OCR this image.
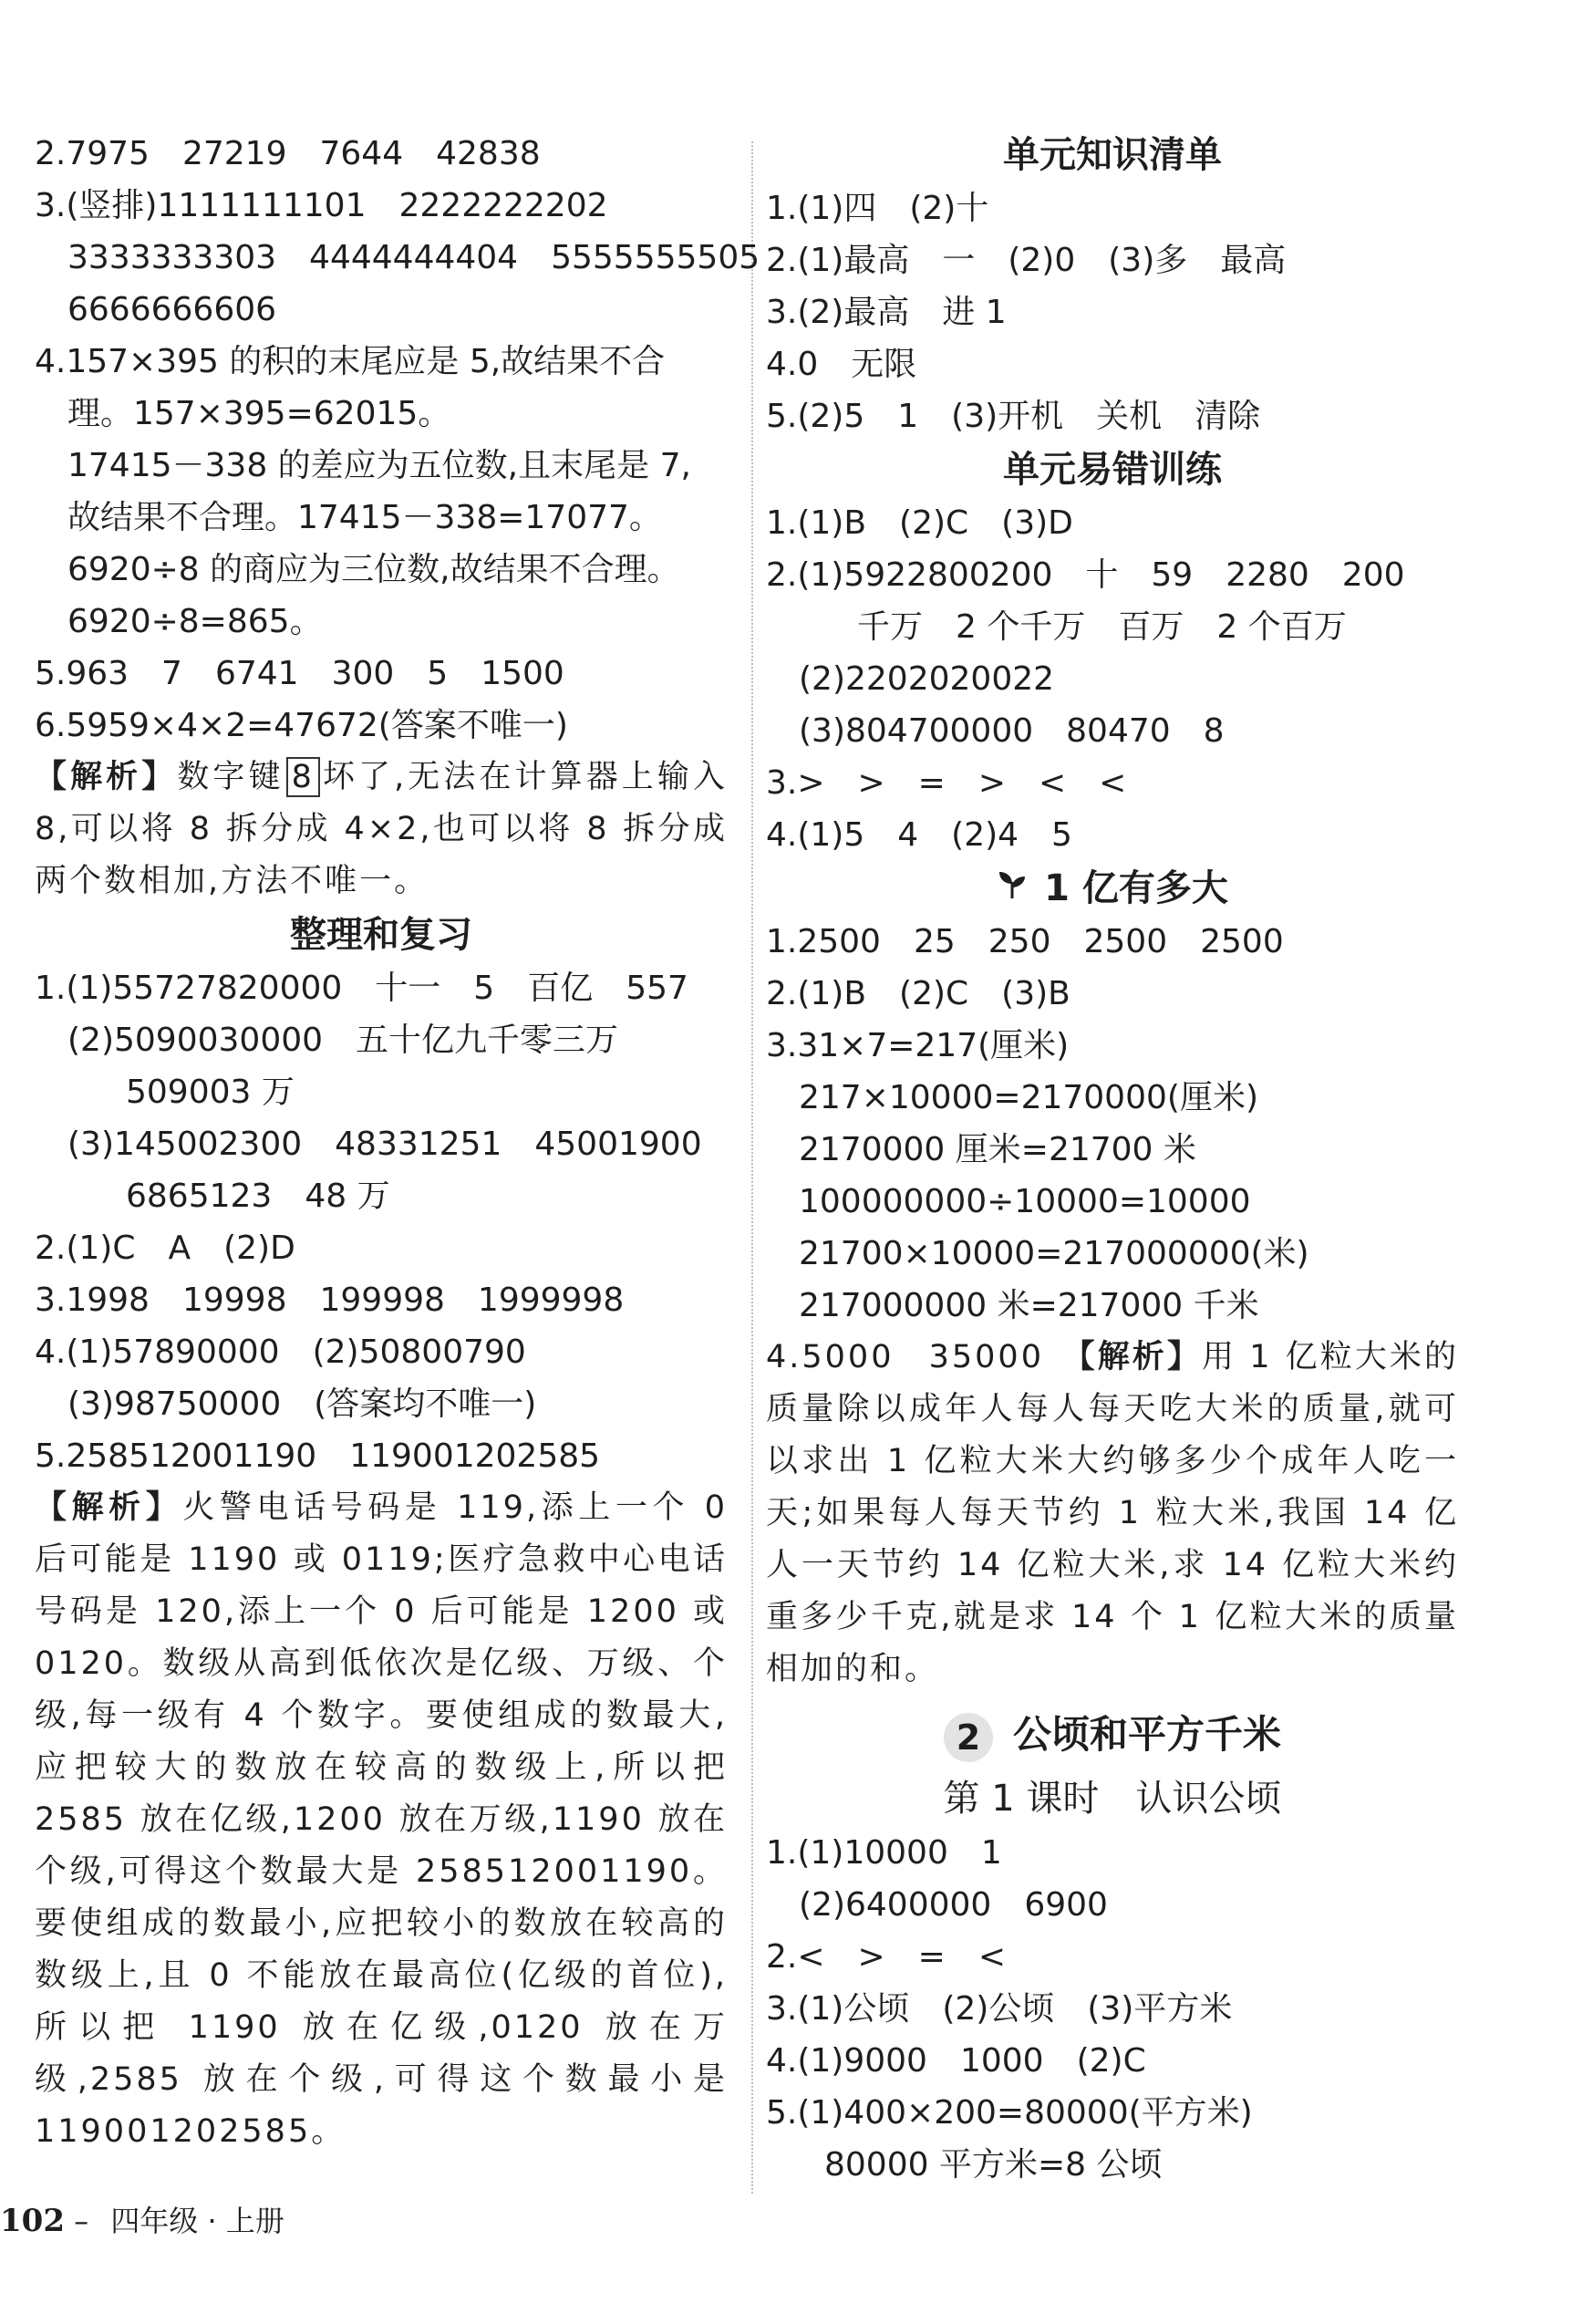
2.7975　27219　7644　42838
3.(竖排)1111111101　2222222202
3333333303　4444444404　5555555505
6666666606
4.157×395 的积的末尾应是 5,故结果不合
理。157×395=62015。
17415－338 的差应为五位数,且末尾是 7,
故结果不合理。17415－338=17077。
6920÷8 的商应为三位数,故结果不合理。
6920÷8=865。
5.963　7　6741　300　5　1500
6.5959×4×2=47672(答案不唯一)
【解析】数字键 8 坏了,无法在计算器上输入 8,可以将 8 拆分成 4×2,也可以将 8 拆分成两个数相加,方法不唯一。
整理和复习
1.(1)55727820000　十一　5　百亿　557
(2)5090030000　五十亿九千零三万
509003 万
(3)145002300　48331251　45001900
6865123　48 万
2.(1)C　A　(2)D
3.1998　19998　199998　1999998
4.(1)57890000　(2)50800790
(3)98750000　(答案均不唯一)
5.258512001190　119001202585
【解析】火警电话号码是 119,添上一个 0 后可能是 1190 或 0119;医疗急救中心电话号码是 120,添上一个 0 后可能是 1200 或 0120。数级从高到低依次是亿级、万级、个级,每一级有 4 个数字。要使组成的数最大,应把较大的数放在较高的数级上,所以把 2585 放在亿级,1200 放在万级,1190 放在个级,可得这个数最大是 258512001190。要使组成的数最小,应把较小的数放在较高的数级上,且 0 不能放在最高位(亿级的首位),所以把 1190 放在亿级,0120 放在万级,2585 放在个级,可得这个数最小是 119001202585。
单元知识清单
1.(1)四　(2)十
2.(1)最高　一　(2)0　(3)多　最高
3.(2)最高　进 1
4.0　无限
5.(2)5　1　(3)开机　关机　清除
单元易错训练
1.(1)B　(2)C　(3)D
2.(1)5922800200　十　59　2280　200
千万　2 个千万　百万　2 个百万
(2)2202020022
(3)804700000　80470　8
3.>　>　=　>　<　<
4.(1)5　4　(2)4　5
1 亿有多大
1.2500　25　250　2500　2500
2.(1)B　(2)C　(3)B
3.31×7=217(厘米)
217×10000=2170000(厘米)
2170000 厘米=21700 米
100000000÷10000=10000
21700×10000=217000000(米)
217000000 米=217000 千米
4.5000　35000　【解析】用 1 亿粒大米的质量除以成年人每人每天吃大米的质量,就可以求出 1 亿粒大米大约够多少个成年人吃一天;如果每人每天节约 1 粒大米,我国 14 亿人一天节约 14 亿粒大米,求 14 亿粒大米约重多少千克,就是求 14 个 1 亿粒大米的质量相加的和。
2 公顷和平方千米
第 1 课时　认识公顷
1.(1)10000　1
(2)6400000　6900
2.<　>　=　<
3.(1)公顷　(2)公顷　(3)平方米
4.(1)9000　1000　(2)C
5.(1)400×200=80000(平方米)
80000 平方米=8 公顷
102 – 四年级 · 上册
